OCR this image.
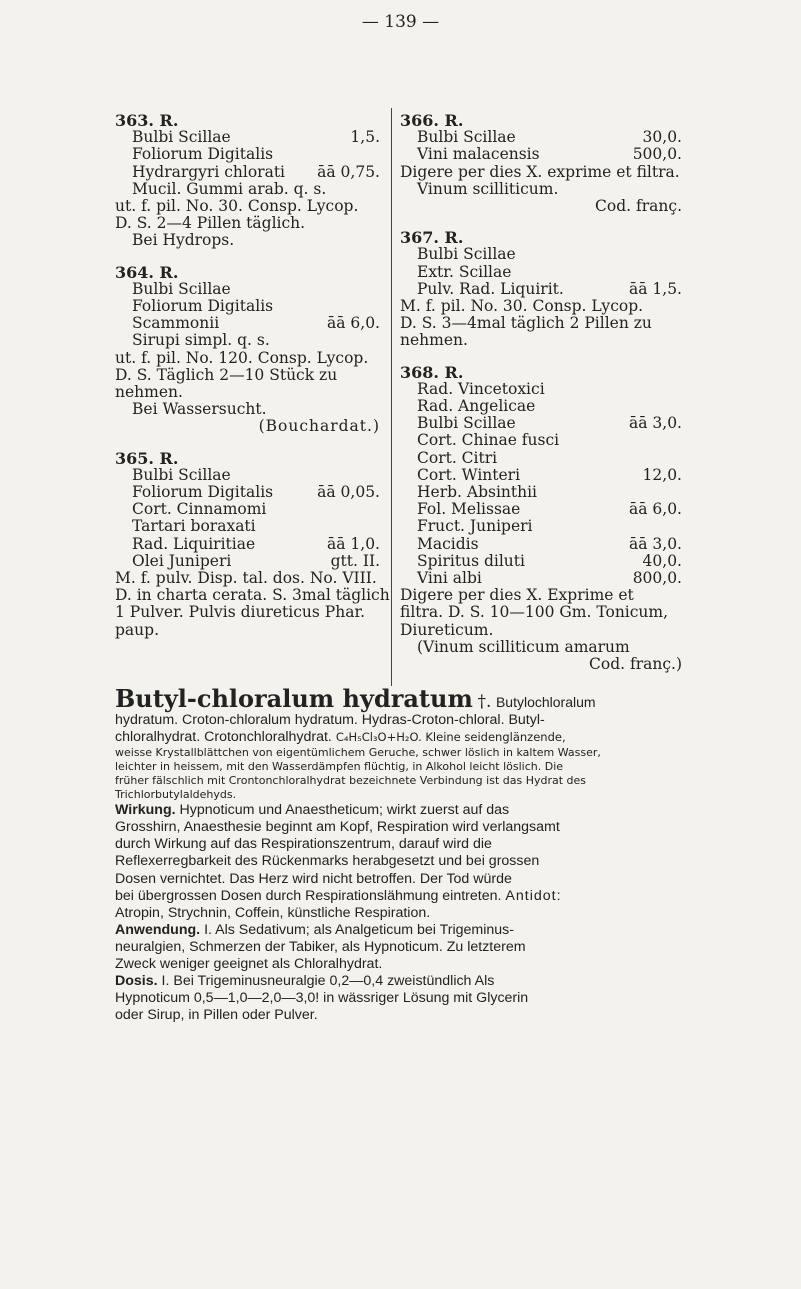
— 139 —
363. R.
Bulbi Scillae	1,5.
Foliorum Digitalis
Hydrargyri chlorati āā 0,75.
Mucil. Gummi arab. q. s.
ut. f. pil. No. 30. Consp. Lycop.
D. S. 2—4 Pillen täglich.
Bei Hydrops.
364. R.
Bulbi Scillae
Foliorum Digitalis
Scammonii	āā 6,0.
Sirupi simpl. q. s.
ut. f. pil. No. 120. Consp. Lycop.
D. S. Täglich 2—10 Stück zu
nehmen.
Bei Wassersucht.
(Bouchardat.)
365. R.
Bulbi Scillae
Foliorum Digitalis	āā 0,05.
Cort. Cinnamomi
Tartari boraxati
Rad. Liquiritiae	āā 1,0.
Olei Juniperi	gtt. II.
M. f. pulv. Disp. tal. dos. No. VIII.
D. in charta cerata. S. 3mal täglich
1 Pulver. Pulvis diureticus Phar.
paup.
366. R.
Bulbi Scillae	30,0.
Vini malacensis	500,0.
Digere per dies X. exprime et filtra.
Vinum scilliticum.
Cod. franç.
367. R.
Bulbi Scillae
Extr. Scillae
Pulv. Rad. Liquirit.	āā 1,5.
M. f. pil. No. 30. Consp. Lycop.
D. S. 3—4mal täglich 2 Pillen zu
nehmen.
368. R.
Rad. Vincetoxici
Rad. Angelicae
Bulbi Scillae	āā 3,0.
Cort. Chinae fusci
Cort. Citri
Cort. Winteri	12,0.
Herb. Absinthii
Fol. Melissae	āā 6,0.
Fruct. Juniperi
Macidis	āā 3,0.
Spiritus diluti	40,0.
Vini albi	800,0.
Digere per dies X. Exprime et
filtra. D. S. 10—100 Gm. Tonicum,
Diureticum.
(Vinum scilliticum amarum
Cod. franç.)
Butyl-chloralum hydratum †. Butylochloralum
hydratum. Croton-chloralum hydratum. Hydras-Croton-chloral. Butyl-
chloralhydrat. Crotonchloralhydrat. C₄H₅Cl₃O+H₂O. Kleine seidenglänzende,
weisse Krystallblättchen von eigentümlichem Geruche, schwer löslich in kaltem Wasser,
leichter in heissem, mit den Wasserdämpfen flüchtig, in Alkohol leicht löslich. Die
früher fälschlich mit Crontonchloralhydrat bezeichnete Verbindung ist das Hydrat des
Trichlorbutylaldehyds.
Wirkung. Hypnoticum und Anaestheticum; wirkt zuerst auf das
Grosshirn, Anaesthesie beginnt am Kopf, Respiration wird verlangsamt
durch Wirkung auf das Respirationszentrum, darauf wird die
Reflexerregbarkeit des Rückenmarks herabgesetzt und bei grossen
Dosen vernichtet. Das Herz wird nicht betroffen. Der Tod würde
bei übergrossen Dosen durch Respirationslähmung eintreten. Antidot:
Atropin, Strychnin, Coffein, künstliche Respiration.
Anwendung. I. Als Sedativum; als Analgeticum bei Trigeminus-
neuralgien, Schmerzen der Tabiker, als Hypnoticum. Zu letzterem
Zweck weniger geeignet als Chloralhydrat.
Dosis. I. Bei Trigeminusneuralgie 0,2—0,4 zweistündlich Als
Hypnoticum 0,5—1,0—2,0—3,0! in wässriger Lösung mit Glycerin
oder Sirup, in Pillen oder Pulver.
